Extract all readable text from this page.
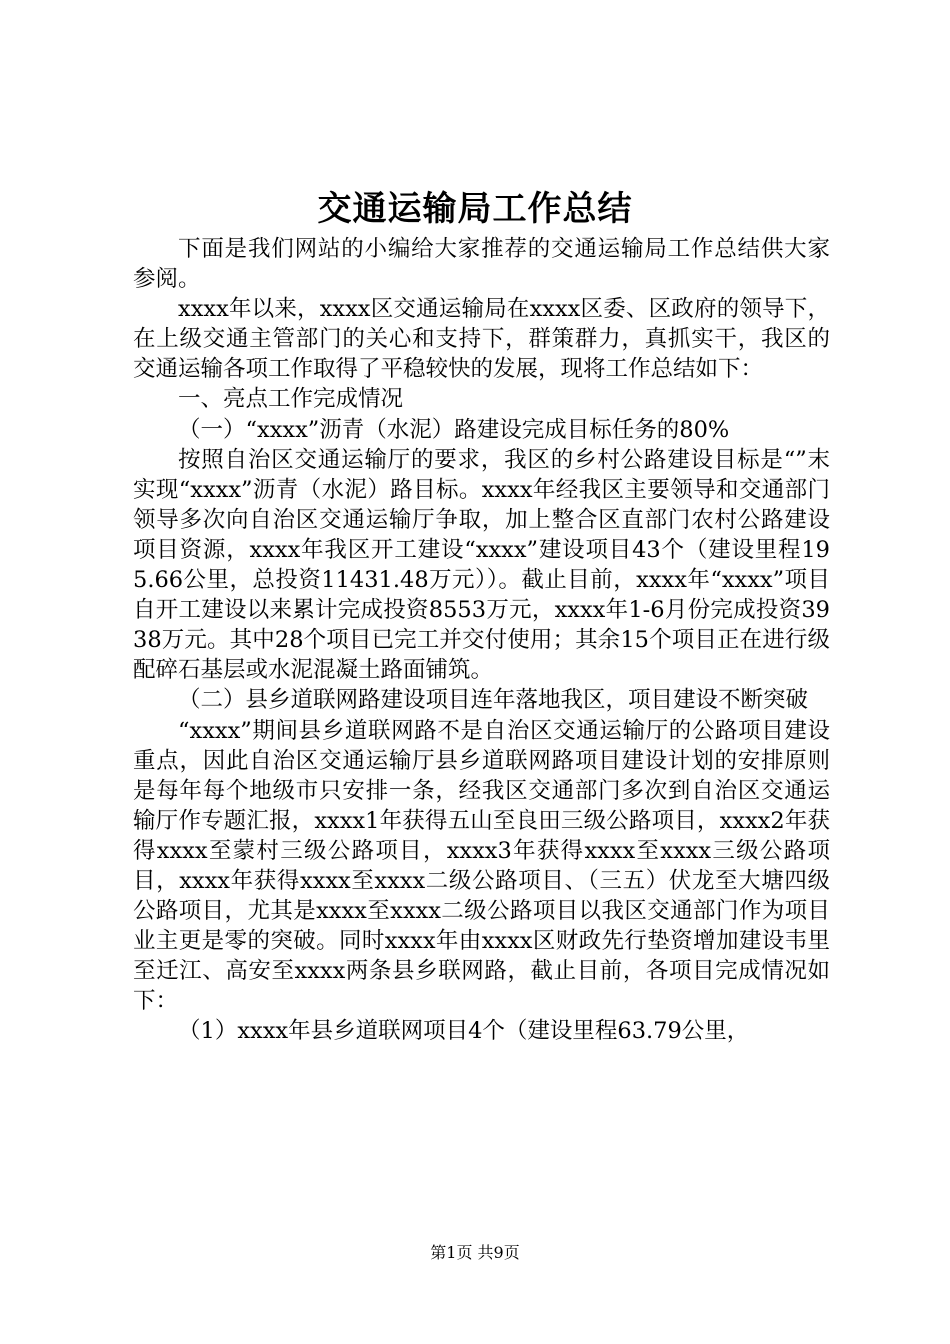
交通运输局工作总结

下面是我们网站的小编给大家推荐的交通运输局工作总结供大家参阅。

xxxx年以来，xxxx区交通运输局在xxxx区委、区政府的领导下，在上级交通主管部门的关心和支持下，群策群力，真抓实干，我区的交通运输各项工作取得了平稳较快的发展，现将工作总结如下：

一、亮点工作完成情况

（一）“xxxx”沥青（水泥）路建设完成目标任务的80%

按照自治区交通运输厅的要求，我区的乡村公路建设目标是“”末实现“xxxx”沥青（水泥）路目标。xxxx年经我区主要领导和交通部门领导多次向自治区交通运输厅争取，加上整合区直部门农村公路建设项目资源，xxxx年我区开工建设“xxxx”建设项目43个（建设里程195.66公里，总投资11431.48万元））。截止目前，xxxx年“xxxx”项目自开工建设以来累计完成投资8553万元，xxxx年1-6月份完成投资3938万元。其中28个项目已完工并交付使用；其余15个项目正在进行级配碎石基层或水泥混凝土路面铺筑。

（二）县乡道联网路建设项目连年落地我区，项目建设不断突破

“xxxx”期间县乡道联网路不是自治区交通运输厅的公路项目建设重点，因此自治区交通运输厅县乡道联网路项目建设计划的安排原则是每年每个地级市只安排一条，经我区交通部门多次到自治区交通运输厅作专题汇报，xxxx1年获得五山至良田三级公路项目，xxxx2年获得xxxx至蒙村三级公路项目，xxxx3年获得xxxx至xxxx三级公路项目，xxxx年获得xxxx至xxxx二级公路项目、（三五）伏龙至大塘四级公路项目，尤其是xxxx至xxxx二级公路项目以我区交通部门作为项目业主更是零的突破。同时xxxx年由xxxx区财政先行垫资增加建设韦里至迁江、高安至xxxx两条县乡联网路，截止目前，各项目完成情况如下：

（1）xxxx年县乡道联网项目4个（建设里程63.79公里，

第1页 共9页
